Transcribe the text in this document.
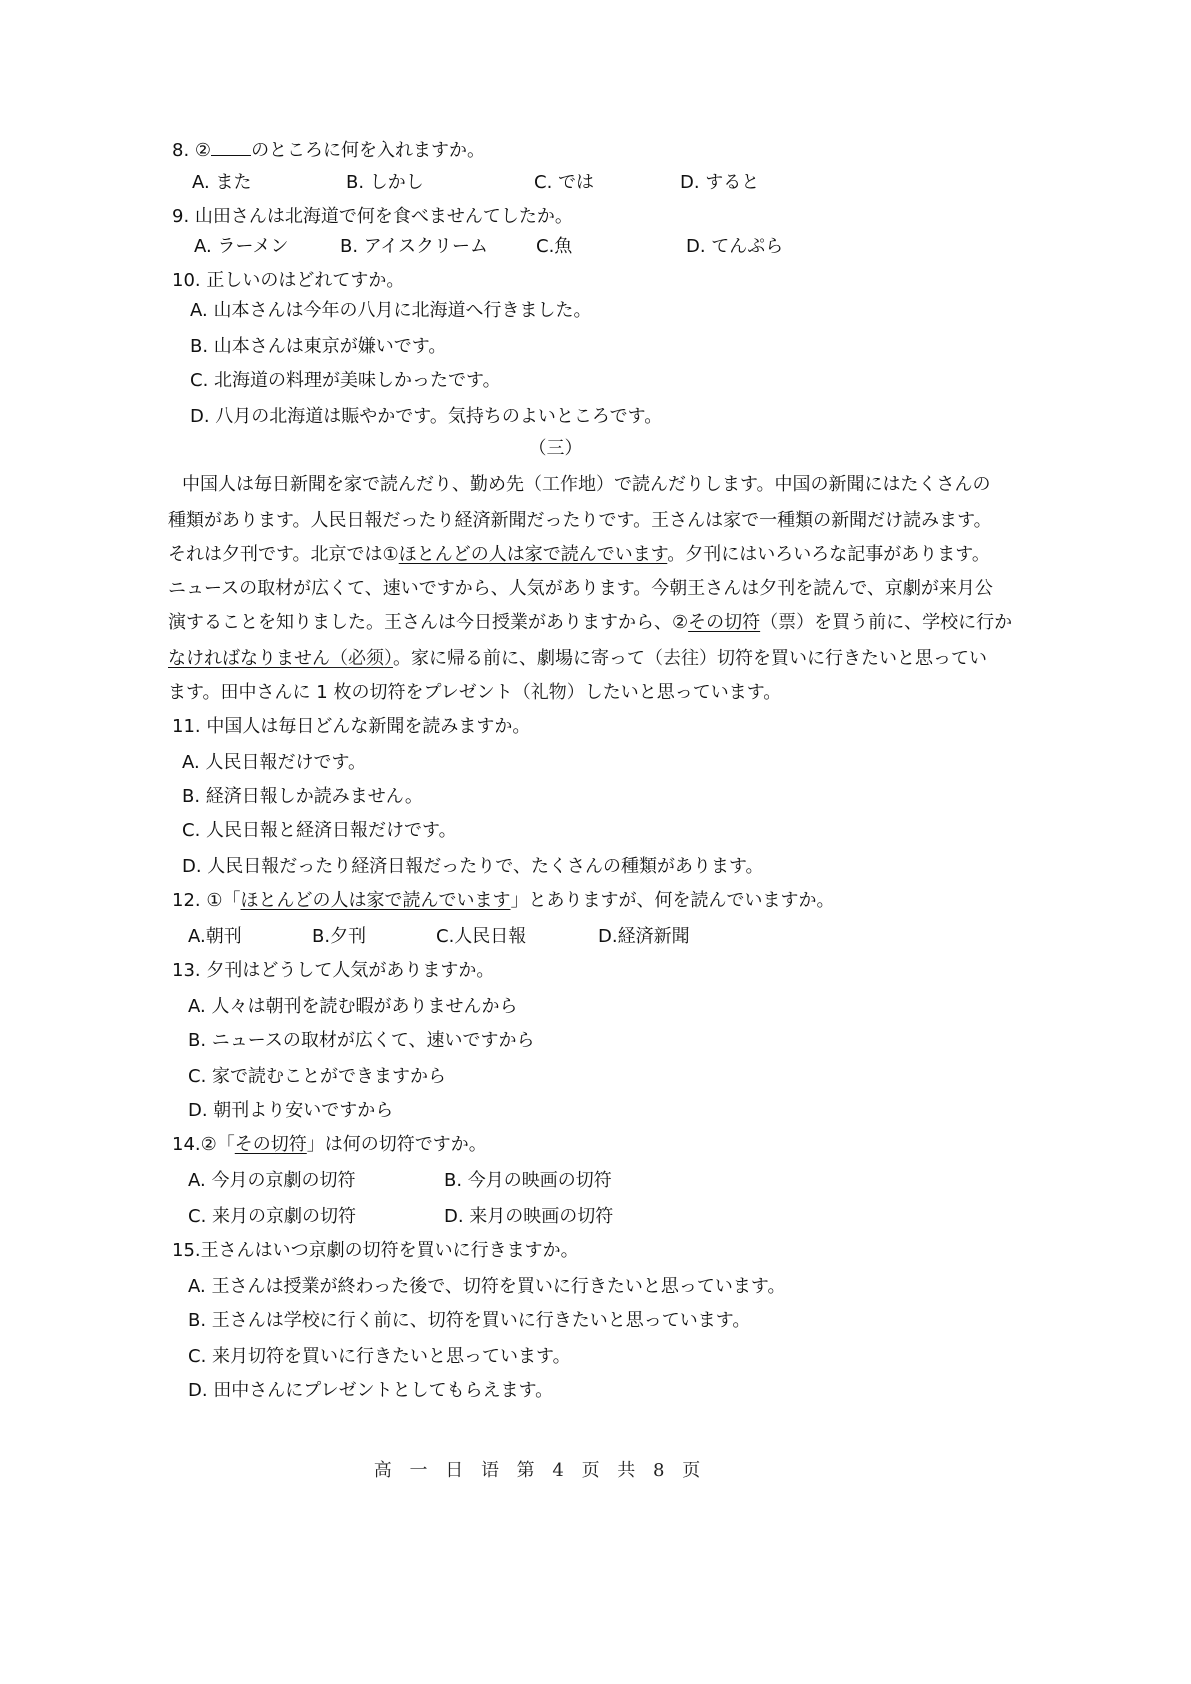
8. ② のところに何を入れますか。
A. また	B. しかし	C. では	D. すると
9. 山田さんは北海道で何を食べませんてしたか。
A. ラーメン	B. アイスクリーム	C.魚	D. てんぷら
10. 正しいのはどれてすか。
A. 山本さんは今年の八月に北海道へ行きました。
B. 山本さんは東京が嫌いです。
C. 北海道の料理が美味しかったです。
D. 八月の北海道は賑やかです。気持ちのよいところです。
（三）
中国人は毎日新聞を家で読んだり、勤め先（工作地）で読んだりします。中国の新聞にはたくさんの
種類があります。人民日報だったり経済新聞だったりです。王さんは家で一種類の新聞だけ読みます。
それは夕刊です。北京では①ほとんどの人は家で読んでいます。夕刊にはいろいろな記事があります。
ニュースの取材が広くて、速いですから、人気があります。今朝王さんは夕刊を読んで、京劇が来月公
演することを知りました。王さんは今日授業がありますから、②その切符（票）を買う前に、学校に行か
なければなりません（必须）。家に帰る前に、劇場に寄って（去往）切符を買いに行きたいと思ってい
ます。田中さんに 1 枚の切符をプレゼント（礼物）したいと思っています。
11. 中国人は毎日どんな新聞を読みますか。
A. 人民日報だけです。
B. 経済日報しか読みません。
C. 人民日報と経済日報だけです。
D. 人民日報だったり経済日報だったりで、たくさんの種類があります。
12. ①「ほとんどの人は家で読んでいます」とありますが、何を読んでいますか。
A.朝刊	B.夕刊	C.人民日報	D.経済新聞
13. 夕刊はどうして人気がありますか。
A. 人々は朝刊を読む暇がありませんから
B. ニュースの取材が広くて、速いですから
C. 家で読むことができますから
D. 朝刊より安いですから
14.②「その切符」は何の切符ですか。
A. 今月の京劇の切符	B. 今月の映画の切符
C. 来月の京劇の切符	D. 来月の映画の切符
15.王さんはいつ京劇の切符を買いに行きますか。
A. 王さんは授業が終わった後で、切符を買いに行きたいと思っています。
B. 王さんは学校に行く前に、切符を買いに行きたいと思っています。
C. 来月切符を買いに行きたいと思っています。
D. 田中さんにプレゼントとしてもらえます。
高 一 日 语 第 4 页 共 8 页
